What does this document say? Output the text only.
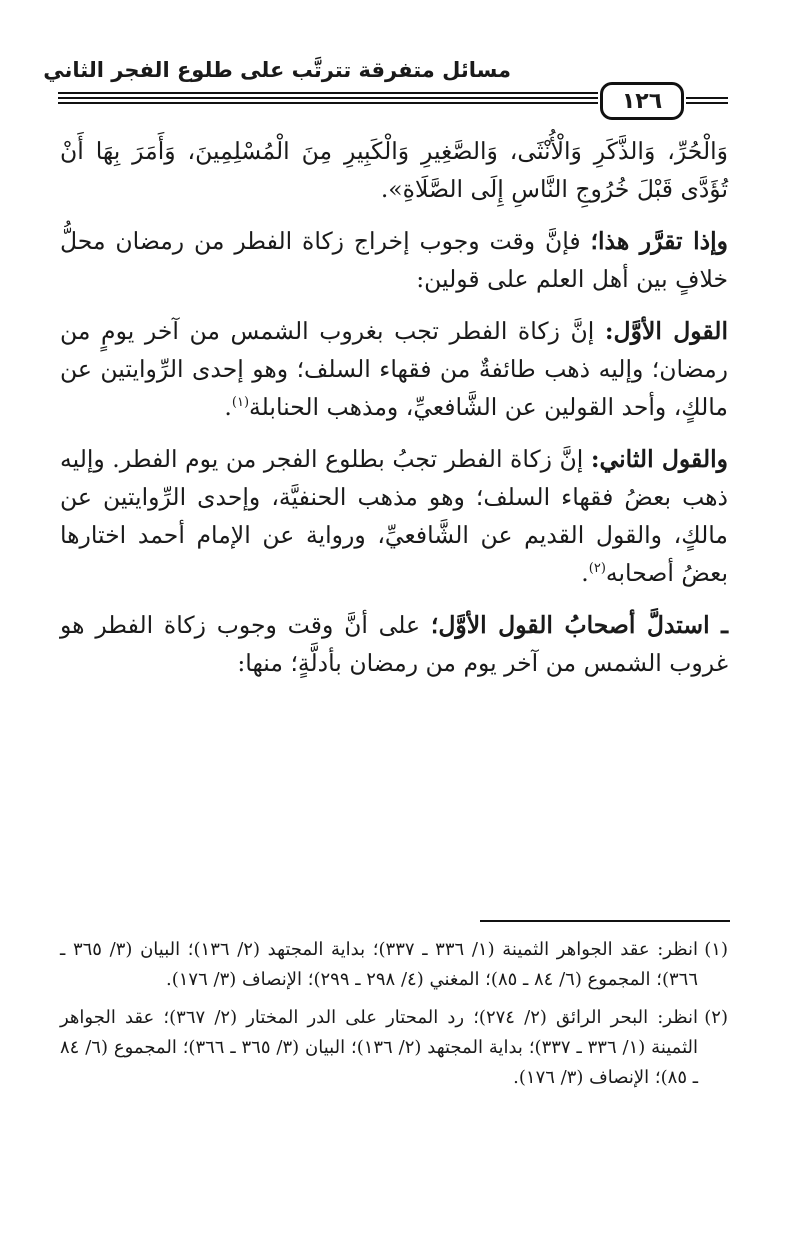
مسائل متفرقة تترتَّب على طلوع الفجر الثاني
١٢٦

وَالْحُرِّ، وَالذَّكَرِ وَالْأُنْثَى، وَالصَّغِيرِ وَالْكَبِيرِ مِنَ الْمُسْلِمِينَ، وَأَمَرَ بِهَا أَنْ تُؤَدَّى قَبْلَ خُرُوجِ النَّاسِ إِلَى الصَّلَاةِ».

وإذا تقرَّر هذا؛ فإنَّ وقت وجوب إخراج زكاة الفطر من رمضان محلُّ خلافٍ بين أهل العلم على قولين:

القول الأوَّل: إنَّ زكاة الفطر تجب بغروب الشمس من آخر يومٍ من رمضان؛ وإليه ذهب طائفةٌ من فقهاء السلف؛ وهو إحدى الرِّوايتين عن مالكٍ، وأحد القولين عن الشَّافعيِّ، ومذهب الحنابلة$^{(١)}$.

والقول الثاني: إنَّ زكاة الفطر تجبُ بطلوع الفجر من يوم الفطر. وإليه ذهب بعضُ فقهاء السلف؛ وهو مذهب الحنفيَّة، وإحدى الرِّوايتين عن مالكٍ، والقول القديم عن الشَّافعيِّ، ورواية عن الإمام أحمد اختارها بعضُ أصحابه$^{(٢)}$.

ـ استدلَّ أصحابُ القول الأوَّل؛ على أنَّ وقت وجوب زكاة الفطر هو غروب الشمس من آخر يوم من رمضان بأدلَّةٍ؛ منها:

(١)
انظر: عقد الجواهر الثمينة (١/ ٣٣٦ ـ ٣٣٧)؛ بداية المجتهد (٢/ ١٣٦)؛ البيان (٣/ ٣٦٥ ـ ٣٦٦)؛ المجموع (٦/ ٨٤ ـ ٨٥)؛ المغني (٤/ ٢٩٨ ـ ٢٩٩)؛ الإنصاف (٣/ ١٧٦).
(٢)
انظر: البحر الرائق (٢/ ٢٧٤)؛ رد المحتار على الدر المختار (٢/ ٣٦٧)؛ عقد الجواهر الثمينة (١/ ٣٣٦ ـ ٣٣٧)؛ بداية المجتهد (٢/ ١٣٦)؛ البيان (٣/ ٣٦٥ ـ ٣٦٦)؛ المجموع (٦/ ٨٤ ـ ٨٥)؛ الإنصاف (٣/ ١٧٦).
